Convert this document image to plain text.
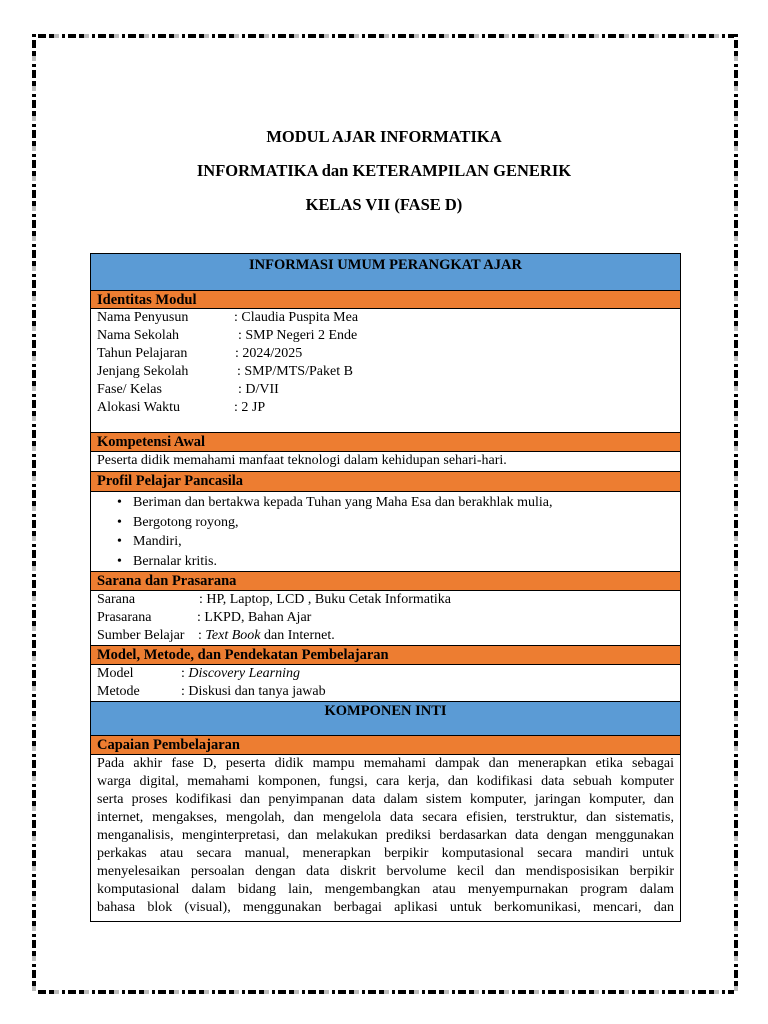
MODUL AJAR INFORMATIKA
INFORMATIKA dan KETERAMPILAN GENERIK
KELAS VII (FASE D)
INFORMASI UMUM PERANGKAT AJAR
Identitas Modul
Nama Penyusun	: Claudia Puspita Mea
Nama Sekolah	: SMP Negeri 2 Ende
Tahun Pelajaran	: 2024/2025
Jenjang Sekolah	: SMP/MTS/Paket B
Fase/ Kelas	: D/VII
Alokasi Waktu	: 2 JP
Kompetensi Awal
Peserta didik memahami manfaat teknologi dalam kehidupan sehari-hari.
Profil Pelajar Pancasila
• Beriman dan bertakwa kepada Tuhan yang Maha Esa dan berakhlak mulia,
• Bergotong royong,
• Mandiri,
• Bernalar kritis.
Sarana dan Prasarana
Sarana	: HP, Laptop, LCD , Buku Cetak Informatika
Prasarana	: LKPD, Bahan Ajar
Sumber Belajar : Text Book dan Internet.
Model, Metode, dan Pendekatan Pembelajaran
Model	: Discovery Learning
Metode	: Diskusi dan tanya jawab
KOMPONEN INTI
Capaian Pembelajaran
Pada akhir fase D, peserta didik mampu memahami dampak dan menerapkan etika sebagai
warga digital, memahami komponen, fungsi, cara kerja, dan kodifikasi data sebuah komputer
serta proses kodifikasi dan penyimpanan data dalam sistem komputer, jaringan komputer, dan
internet, mengakses, mengolah, dan mengelola data secara efisien, terstruktur, dan sistematis,
menganalisis, menginterpretasi, dan melakukan prediksi berdasarkan data dengan menggunakan
perkakas atau secara manual, menerapkan berpikir komputasional secara mandiri untuk
menyelesaikan persoalan dengan data diskrit bervolume kecil dan mendisposisikan berpikir
komputasional dalam bidang lain, mengembangkan atau menyempurnakan program dalam
bahasa blok (visual), menggunakan berbagai aplikasi untuk berkomunikasi, mencari, dan
